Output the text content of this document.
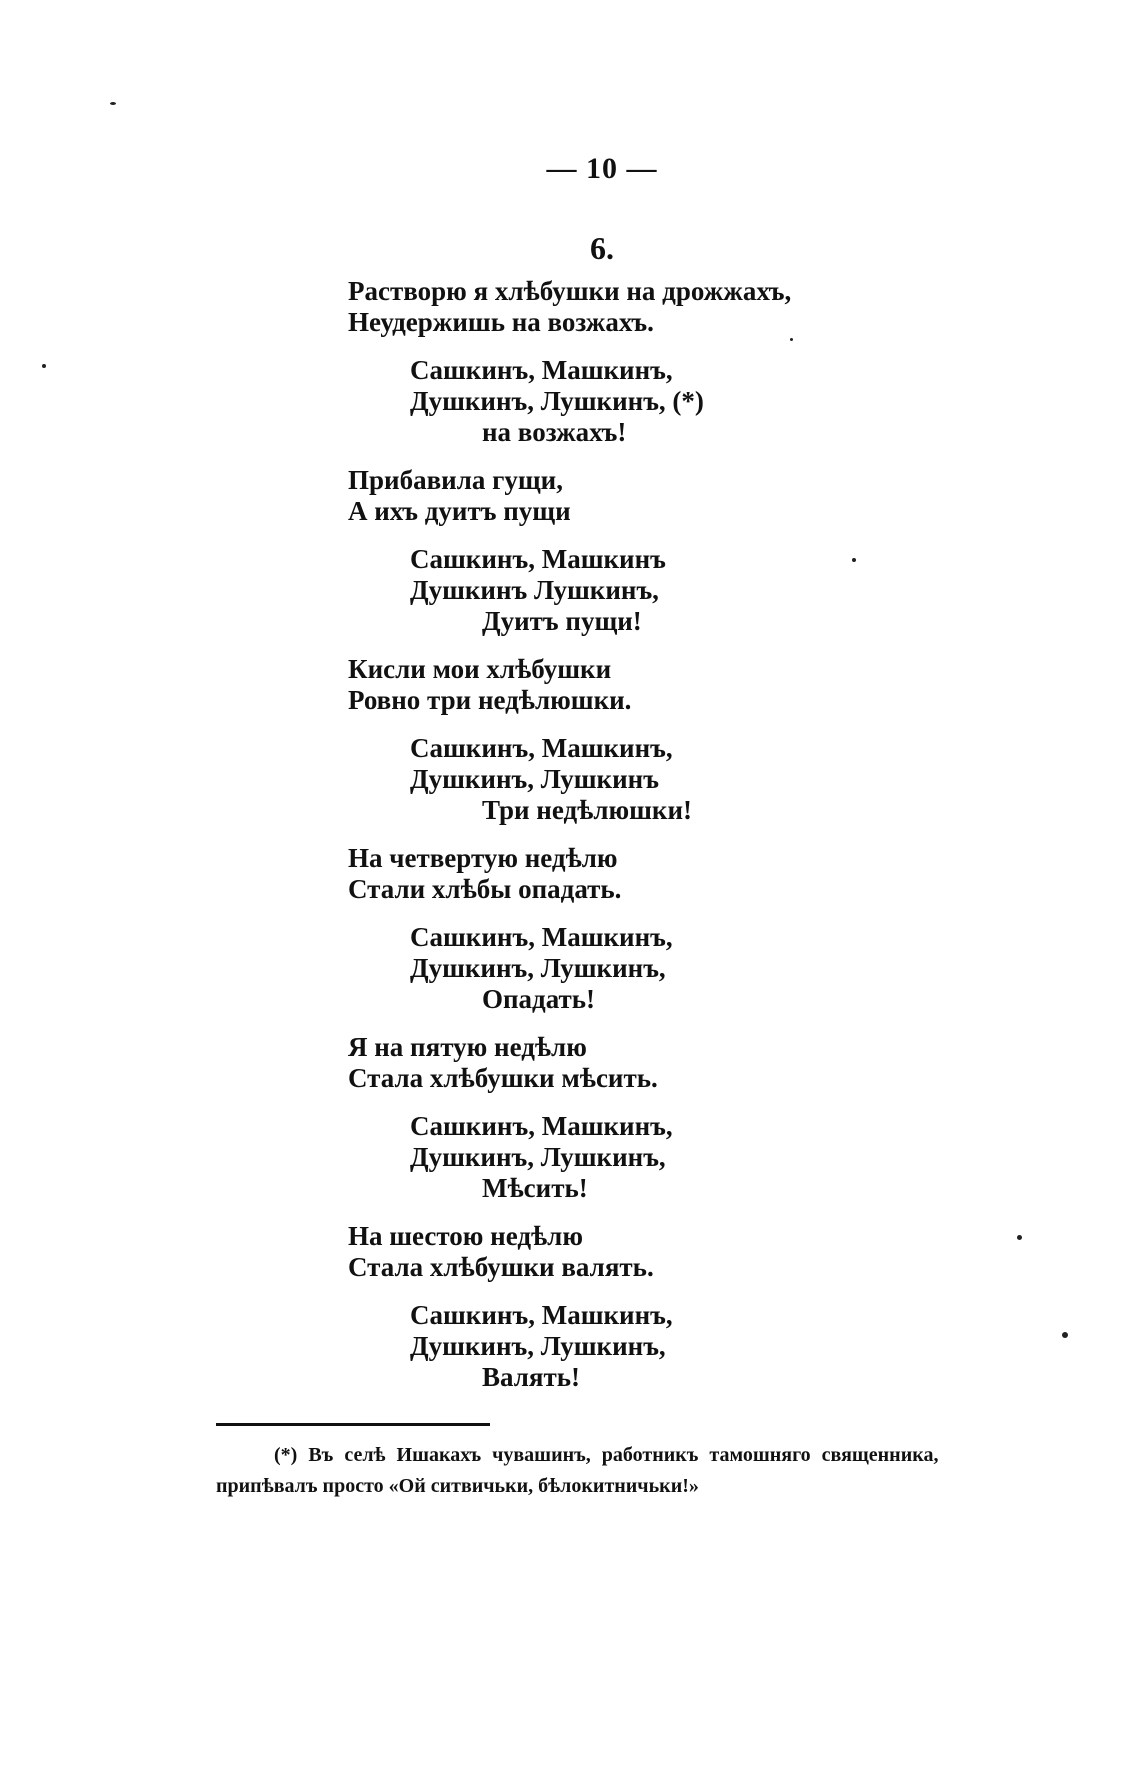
— 10 —
6.
Растворю я хлѣбушки на дрожжахъ,
Неудержишь на возжахъ.
Сашкинъ, Машкинъ,
Душкинъ, Лушкинъ, (*)
на возжахъ!
Прибавила гущи,
А ихъ дуитъ пущи
Сашкинъ, Машкинъ
Душкинъ Лушкинъ,
Дуитъ пущи!
Кисли мои хлѣбушки
Ровно три недѣлюшки.
Сашкинъ, Машкинъ,
Душкинъ, Лушкинъ
Три недѣлюшки!
На четвертую недѣлю
Стали хлѣбы опадать.
Сашкинъ, Машкинъ,
Душкинъ, Лушкинъ,
Опадать!
Я на пятую недѣлю
Стала хлѣбушки мѣсить.
Сашкинъ, Машкинъ,
Душкинъ, Лушкинъ,
Мѣсить!
На шестою недѣлю
Стала хлѣбушки валять.
Сашкинъ, Машкинъ,
Душкинъ, Лушкинъ,
Валять!
(*) Въ селѣ Ишакахъ чувашинъ, работникъ тамошняго священника,
припѣвалъ просто «Ой ситвичьки, бѣлокитничьки!»
